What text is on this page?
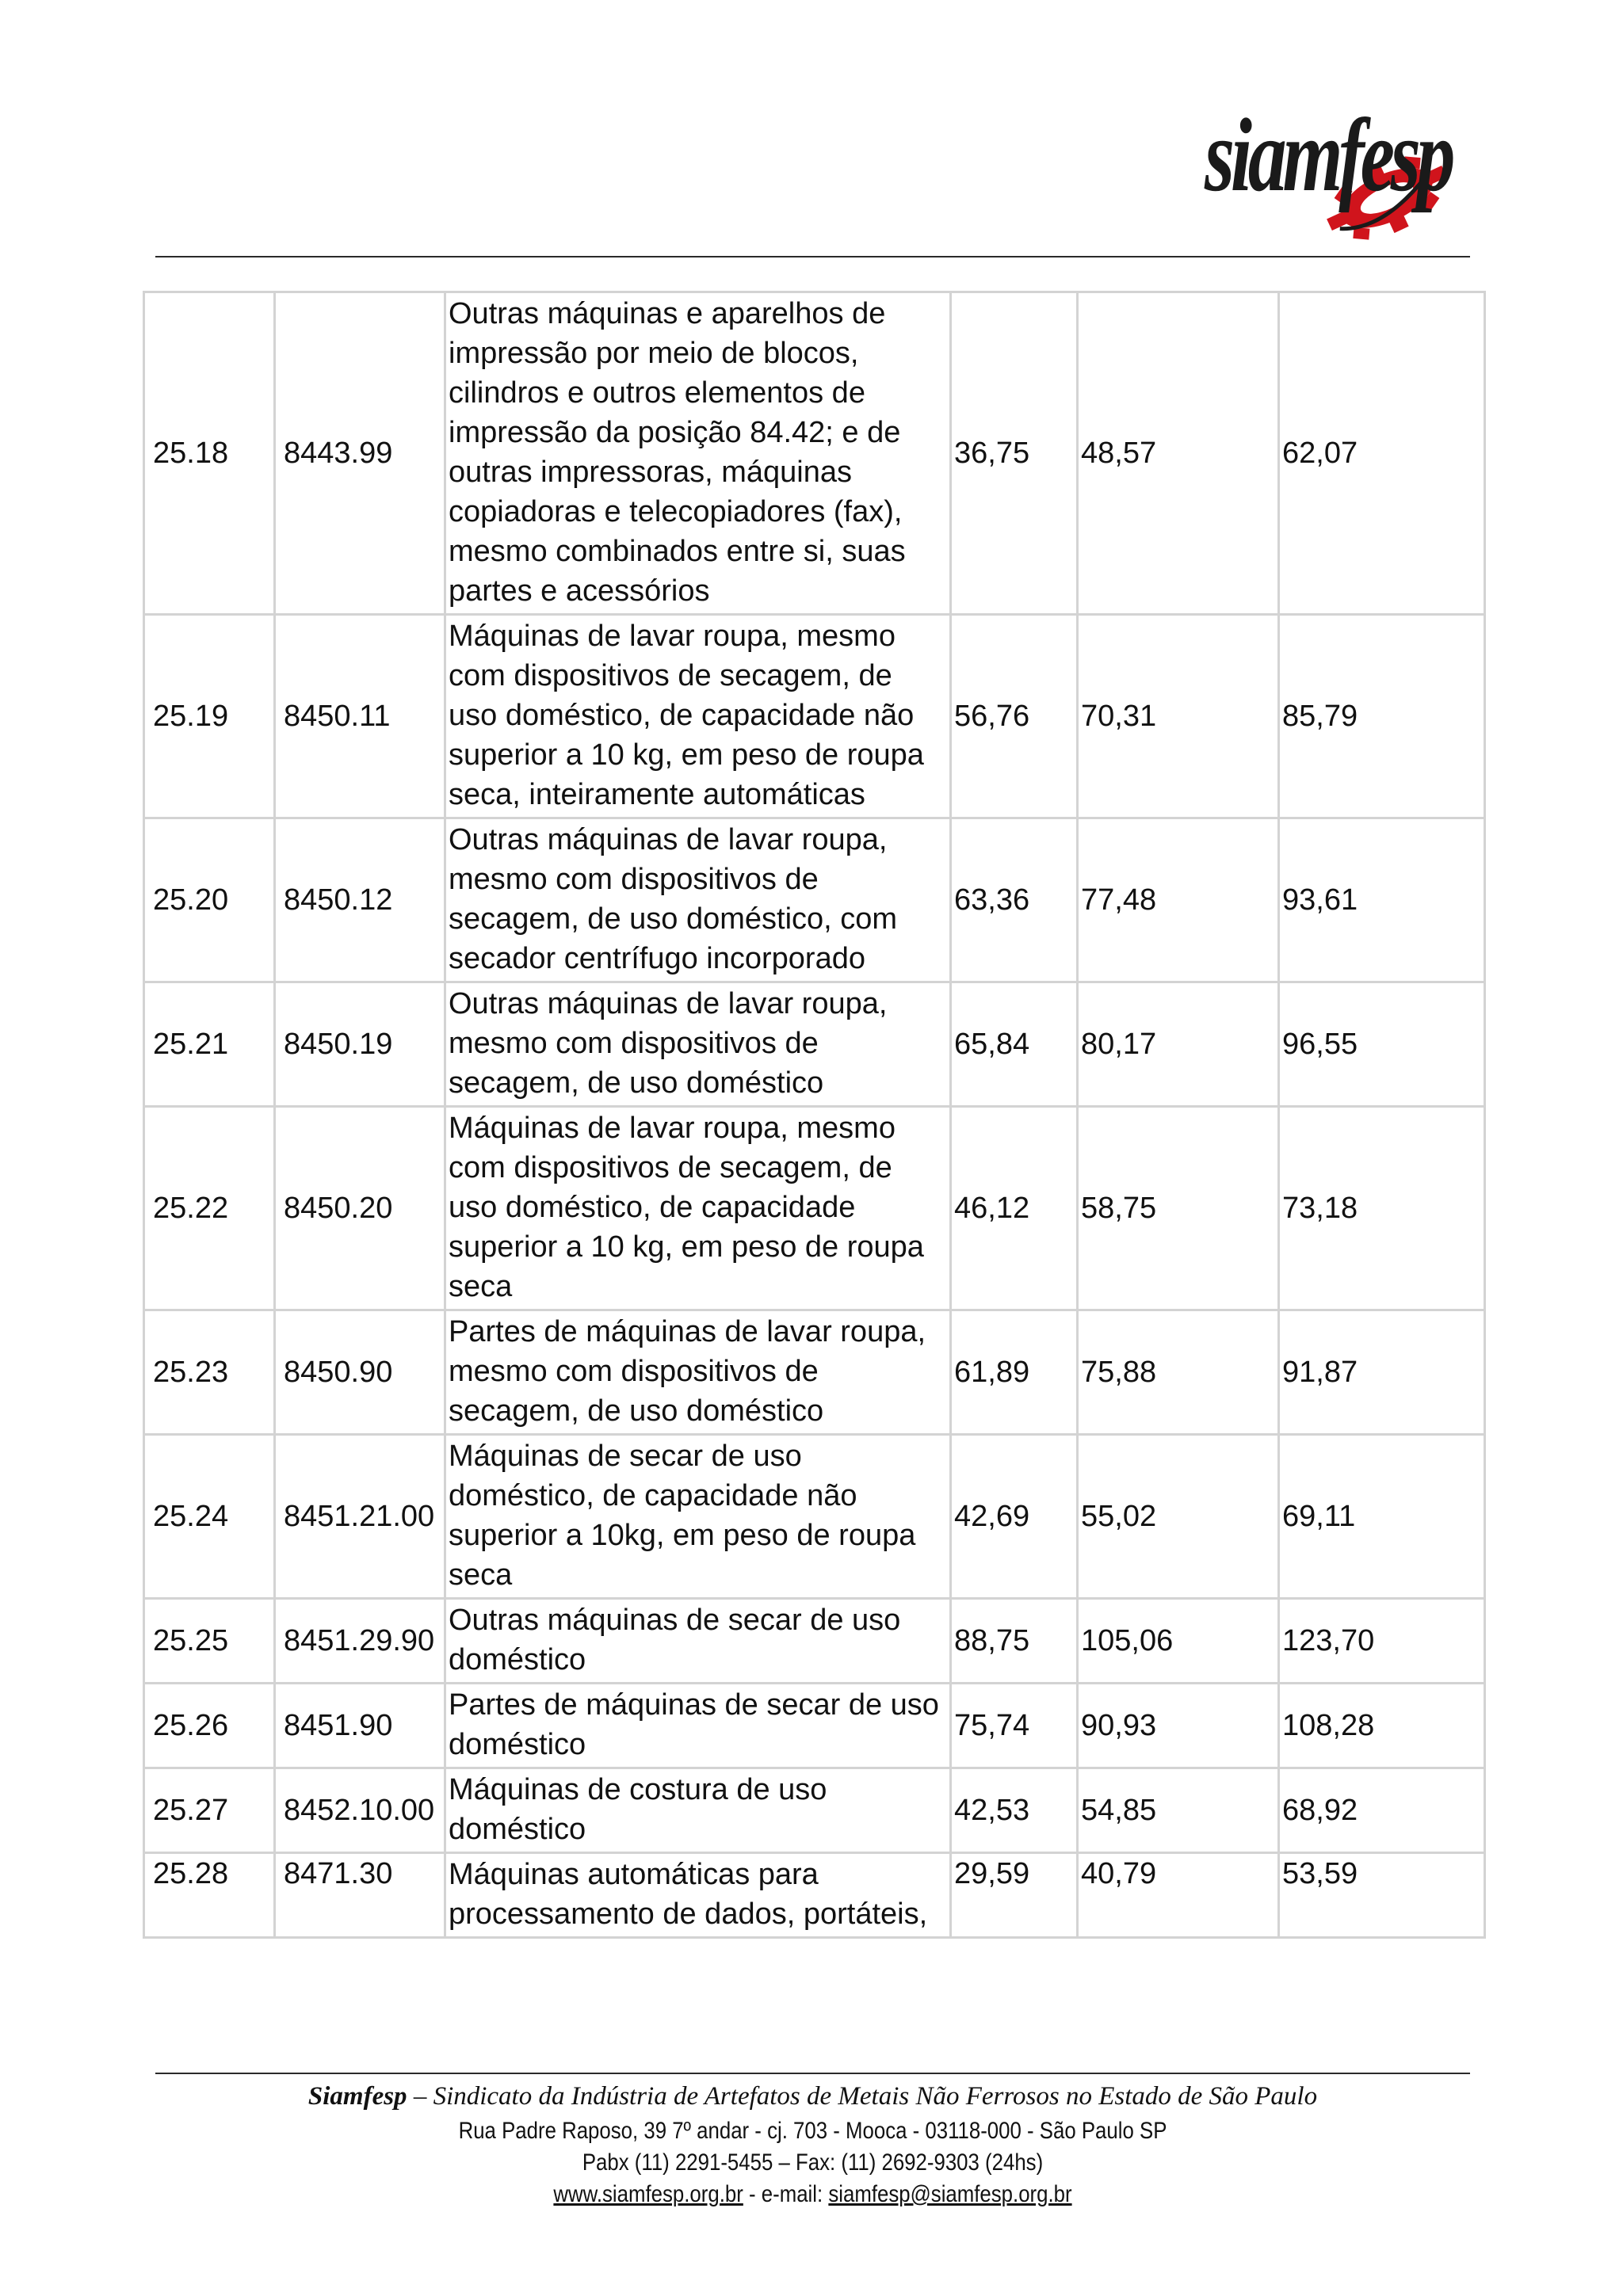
siamfesp
25.18	8443.99	Outras máquinas e aparelhos de impressão por meio de blocos, cilindros e outros elementos de impressão da posição 84.42; e de outras impressoras, máquinas copiadoras e telecopiadores (fax), mesmo combinados entre si, suas partes e acessórios	36,75	48,57	62,07
25.19	8450.11	Máquinas de lavar roupa, mesmo com dispositivos de secagem, de uso doméstico, de capacidade não superior a 10 kg, em peso de roupa seca, inteiramente automáticas	56,76	70,31	85,79
25.20	8450.12	Outras máquinas de lavar roupa, mesmo com dispositivos de secagem, de uso doméstico, com secador centrífugo incorporado	63,36	77,48	93,61
25.21	8450.19	Outras máquinas de lavar roupa, mesmo com dispositivos de secagem, de uso doméstico	65,84	80,17	96,55
25.22	8450.20	Máquinas de lavar roupa, mesmo com dispositivos de secagem, de uso doméstico, de capacidade superior a 10 kg, em peso de roupa seca	46,12	58,75	73,18
25.23	8450.90	Partes de máquinas de lavar roupa, mesmo com dispositivos de secagem, de uso doméstico	61,89	75,88	91,87
25.24	8451.21.00	Máquinas de secar de uso doméstico, de capacidade não superior a 10kg, em peso de roupa seca	42,69	55,02	69,11
25.25	8451.29.90	Outras máquinas de secar de uso doméstico	88,75	105,06	123,70
25.26	8451.90	Partes de máquinas de secar de uso doméstico	75,74	90,93	108,28
25.27	8452.10.00	Máquinas de costura de uso doméstico	42,53	54,85	68,92
25.28	8471.30	Máquinas automáticas para processamento de dados, portáteis,	29,59	40,79	53,59
Siamfesp – Sindicato da Indústria de Artefatos de Metais Não Ferrosos no Estado de São Paulo
Rua Padre Raposo, 39 7º andar - cj. 703 - Mooca - 03118-000 - São Paulo SP
Pabx (11) 2291-5455 – Fax: (11) 2692-9303 (24hs)
www.siamfesp.org.br - e-mail: siamfesp@siamfesp.org.br
